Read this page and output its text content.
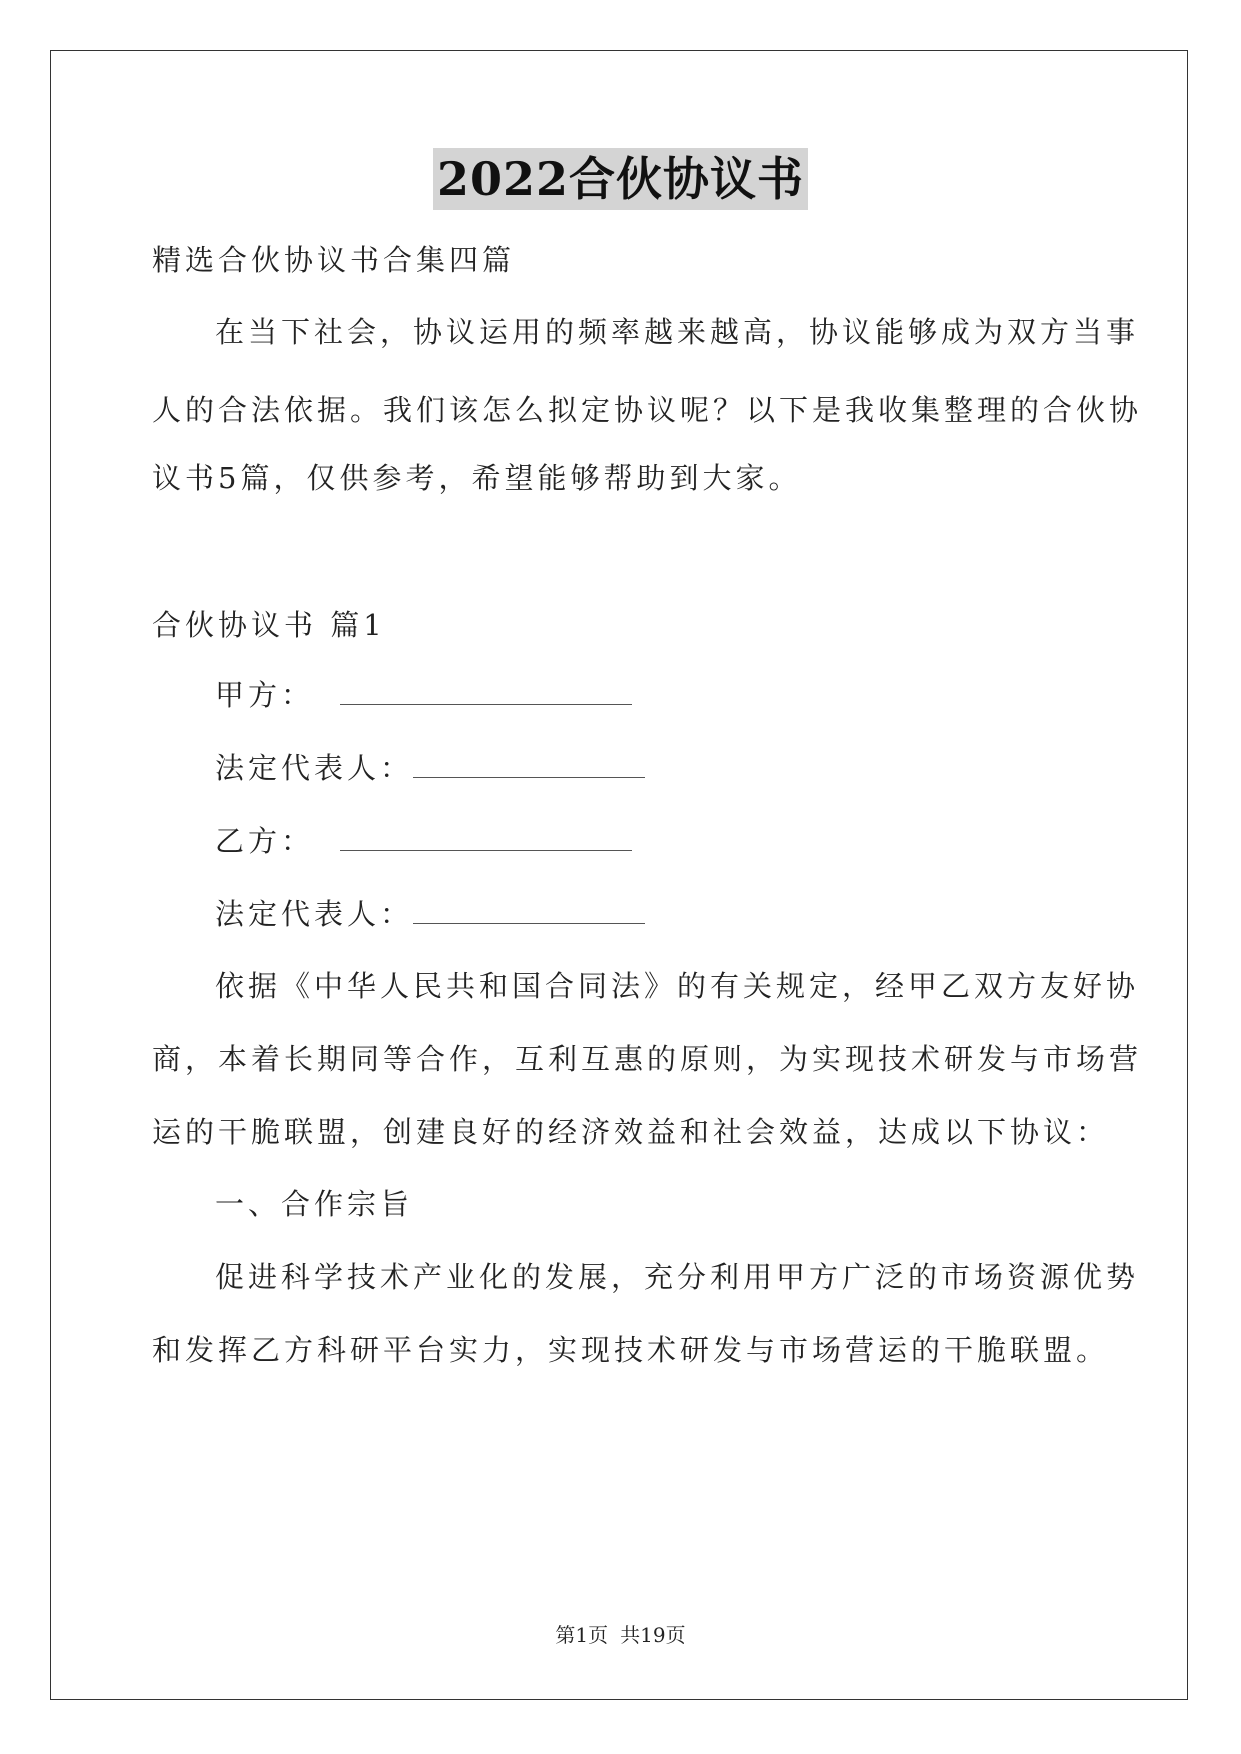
2022合伙协议书
精选合伙协议书合集四篇
在当下社会，协议运用的频率越来越高，协议能够成为双方当事
人的合法依据。我们该怎么拟定协议呢？以下是我收集整理的合伙协
议书5篇，仅供参考，希望能够帮助到大家。
合伙协议书 篇1
甲方：
法定代表人：
乙方：
法定代表人：
依据《中华人民共和国合同法》的有关规定，经甲乙双方友好协
商，本着长期同等合作，互利互惠的原则，为实现技术研发与市场营
运的干脆联盟，创建良好的经济效益和社会效益，达成以下协议：
一、合作宗旨
促进科学技术产业化的发展，充分利用甲方广泛的市场资源优势
和发挥乙方科研平台实力，实现技术研发与市场营运的干脆联盟。
第1页 共19页
